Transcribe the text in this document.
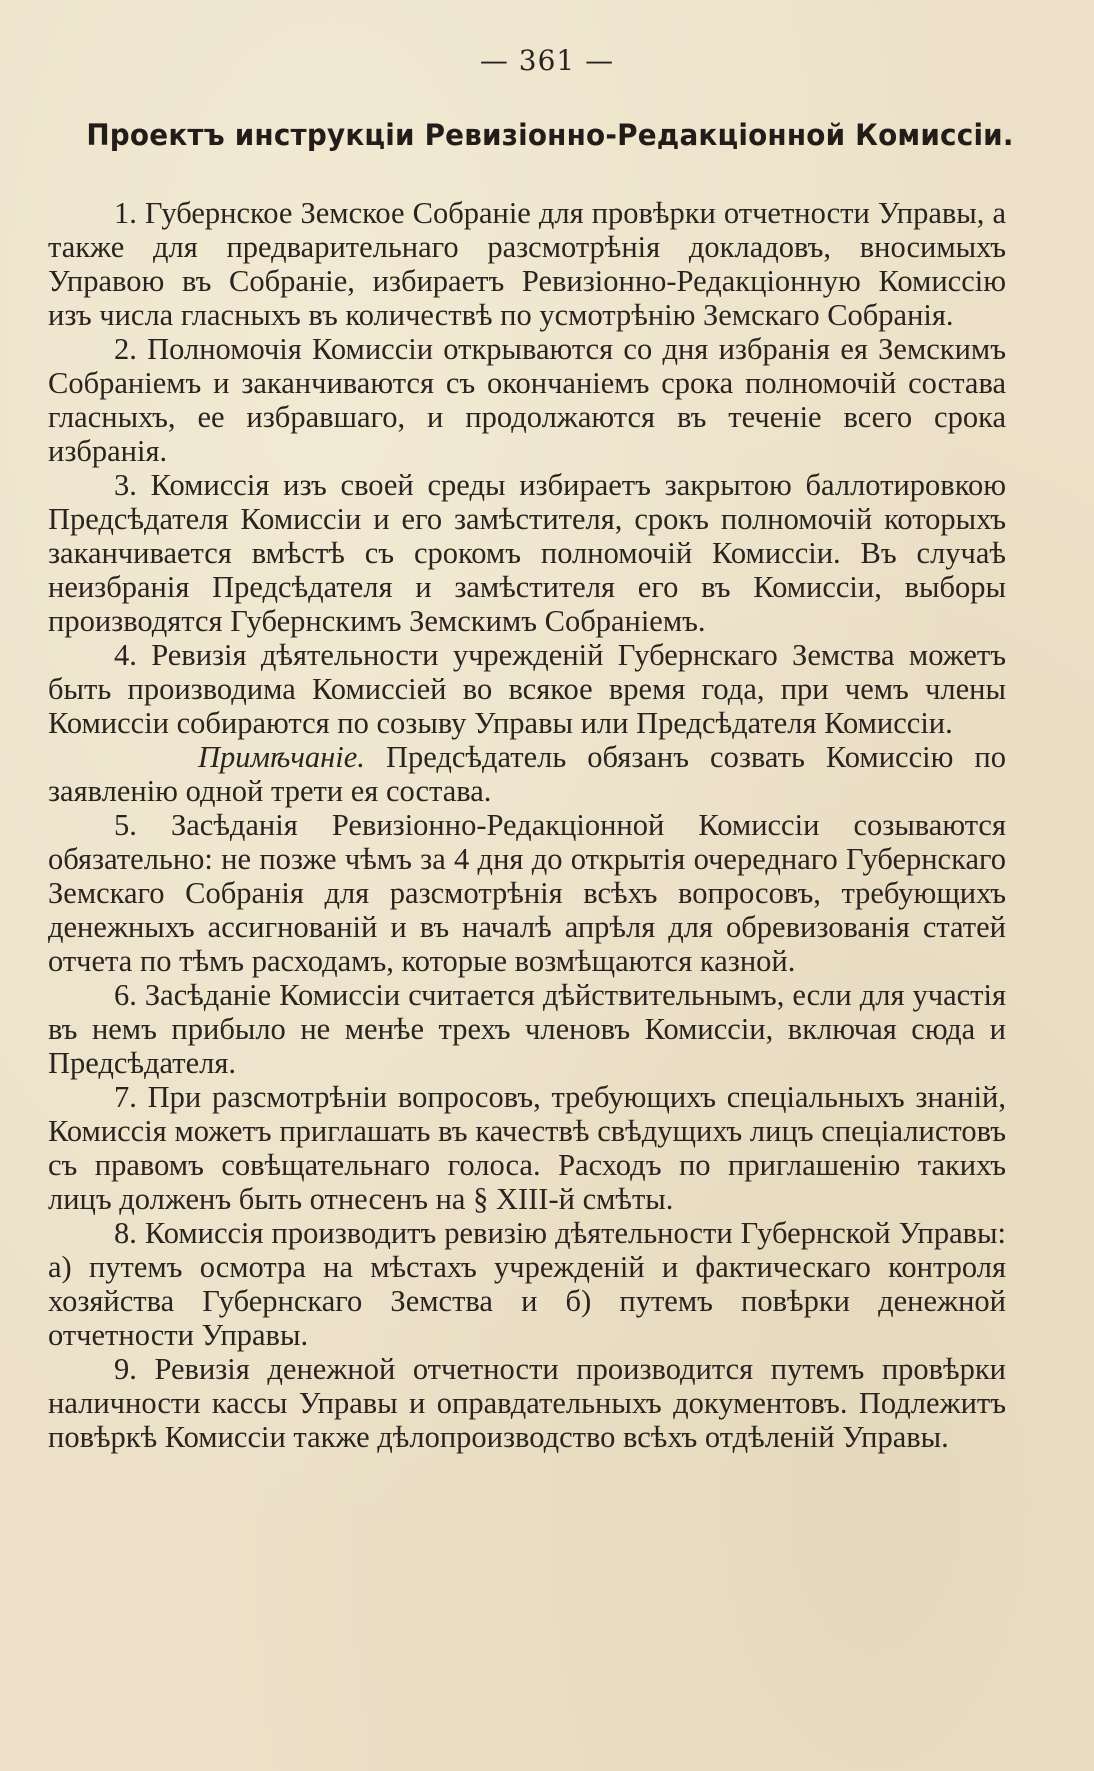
— 361 —
Проектъ инструкціи Ревизіонно-Редакціонной Комиссіи.

1. Губернское Земское Собраніе для провѣрки отчетности Управы, а также для предварительнаго разсмотрѣнія докладовъ, вносимыхъ Управою въ Собраніе, избираетъ Ревизіонно-Редакціонную Комиссію изъ числа гласныхъ въ количествѣ по усмотрѣнію Земскаго Собранія.

2. Полномочія Комиссіи открываются со дня избранія ея Земскимъ Собраніемъ и заканчиваются съ окончаніемъ срока полномочій состава гласныхъ, ее избравшаго, и продолжаются въ теченіе всего срока избранія.

3. Комиссія изъ своей среды избираетъ закрытою баллотировкою Предсѣдателя Комиссіи и его замѣстителя, срокъ полномочій которыхъ заканчивается вмѣстѣ съ срокомъ полномочій Комиссіи. Въ случаѣ неизбранія Предсѣдателя и замѣстителя его въ Комиссіи, выборы производятся Губернскимъ Земскимъ Собраніемъ.

4. Ревизія дѣятельности учрежденій Губернскаго Земства можетъ быть производима Комиссіей во всякое время года, при чемъ члены Комиссіи собираются по созыву Управы или Предсѣдателя Комиссіи.

Примѣчаніе. Предсѣдатель обязанъ созвать Комиссію по заявленію одной трети ея состава.

5. Засѣданія Ревизіонно-Редакціонной Комиссіи созываются обязательно: не позже чѣмъ за 4 дня до открытія очереднаго Губернскаго Земскаго Собранія для разсмотрѣнія всѣхъ вопросовъ, требующихъ денежныхъ ассигнованій и въ началѣ апрѣля для обревизованія статей отчета по тѣмъ расходамъ, которые возмѣщаются казной.

6. Засѣданіе Комиссіи считается дѣйствительнымъ, если для участія въ немъ прибыло не менѣе трехъ членовъ Комиссіи, включая сюда и Предсѣдателя.

7. При разсмотрѣніи вопросовъ, требующихъ спеціальныхъ знаній, Комиссія можетъ приглашать въ качествѣ свѣдущихъ лицъ спеціалистовъ съ правомъ совѣщательнаго голоса. Расходъ по приглашенію такихъ лицъ долженъ быть отнесенъ на § XIII-й смѣты.

8. Комиссія производитъ ревизію дѣятельности Губернской Управы: а) путемъ осмотра на мѣстахъ учрежденій и фактическаго контроля хозяйства Губернскаго Земства и б) путемъ повѣрки денежной отчетности Управы.

9. Ревизія денежной отчетности производится путемъ провѣрки наличности кассы Управы и оправдательныхъ документовъ. Подлежитъ повѣркѣ Комиссіи также дѣлопроизводство всѣхъ отдѣленій Управы.
